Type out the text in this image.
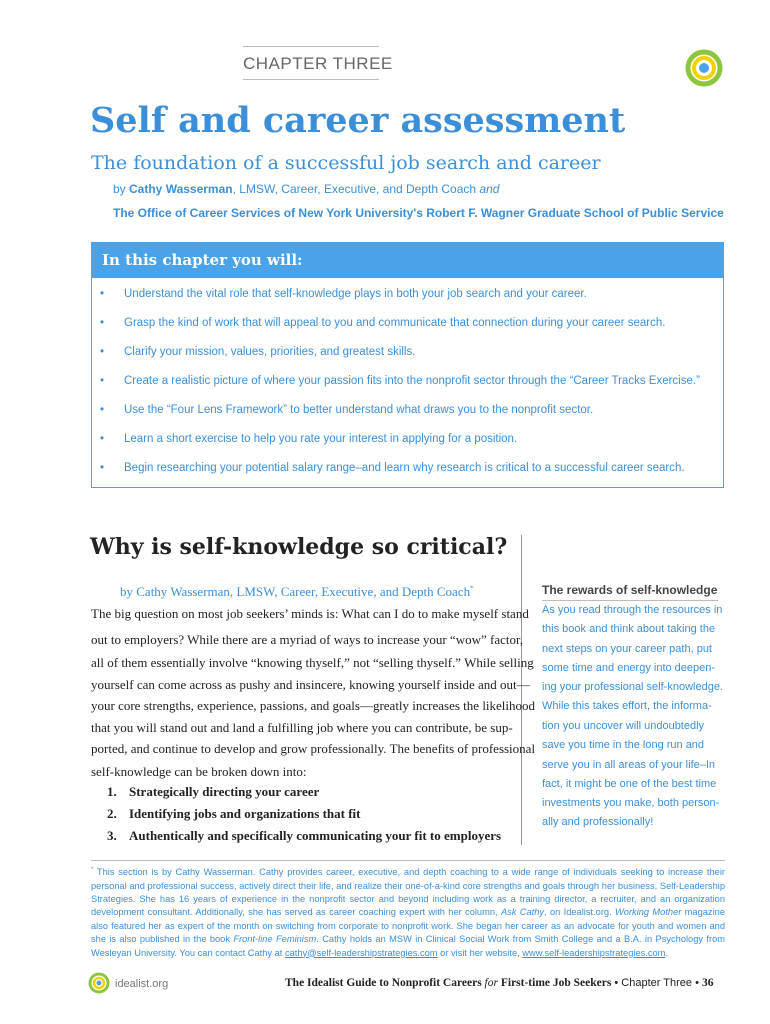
CHAPTER THREE
Self and career assessment
The foundation of a successful job search and career
by Cathy Wasserman, LMSW, Career, Executive, and Depth Coach and
The Office of Career Services of New York University's Robert F. Wagner Graduate School of Public Service
In this chapter you will:
• Understand the vital role that self-knowledge plays in both your job search and your career.
• Grasp the kind of work that will appeal to you and communicate that connection during your career search.
• Clarify your mission, values, priorities, and greatest skills.
• Create a realistic picture of where your passion fits into the nonprofit sector through the “Career Tracks Exercise.”
• Use the “Four Lens Framework” to better understand what draws you to the nonprofit sector.
• Learn a short exercise to help you rate your interest in applying for a position.
• Begin researching your potential salary range–and learn why research is critical to a successful career search.
Why is self-knowledge so critical?
by Cathy Wasserman, LMSW, Career, Executive, and Depth Coach*
The big question on most job seekers’ minds is: What can I do to make myself stand
out to employers? While there are a myriad of ways to increase your “wow” factor,
all of them essentially involve “knowing thyself,” not “selling thyself.” While selling
yourself can come across as pushy and insincere, knowing yourself inside and out—
your core strengths, experience, passions, and goals—greatly increases the likelihood
that you will stand out and land a fulfilling job where you can contribute, be sup-
ported, and continue to develop and grow professionally. The benefits of professional
self-knowledge can be broken down into:
1. Strategically directing your career
2. Identifying jobs and organizations that fit
3. Authentically and specifically communicating your fit to employers
The rewards of self-knowledge
As you read through the resources in
this book and think about taking the
next steps on your career path, put
some time and energy into deepen-
ing your professional self-knowledge.
While this takes effort, the informa-
tion you uncover will undoubtedly
save you time in the long run and
serve you in all areas of your life–In
fact, it might be one of the best time
investments you make, both person-
ally and professionally!
* This section is by Cathy Wasserman. Cathy provides career, executive, and depth coaching to a wide range of individuals seeking to increase their personal and professional success, actively direct their life, and realize their one-of-a-kind core strengths and goals through her business, Self-Leadership Strategies. She has 16 years of experience in the nonprofit sector and beyond including work as a training director, a recruiter, and an organization development consultant. Additionally, she has served as career coaching expert with her column, Ask Cathy, on Idealist.org. Working Mother magazine also featured her as expert of the month on switching from corporate to nonprofit work. She began her career as an advocate for youth and women and she is also published in the book Front-line Feminism. Cathy holds an MSW in Clinical Social Work from Smith College and a B.A. in Psychology from Wesleyan University. You can contact Cathy at cathy@self-leadershipstrategies.com or visit her website, www.self-leadershipstrategies.com.
idealist.org	The Idealist Guide to Nonprofit Careers for First-time Job Seekers • Chapter Three • 36
